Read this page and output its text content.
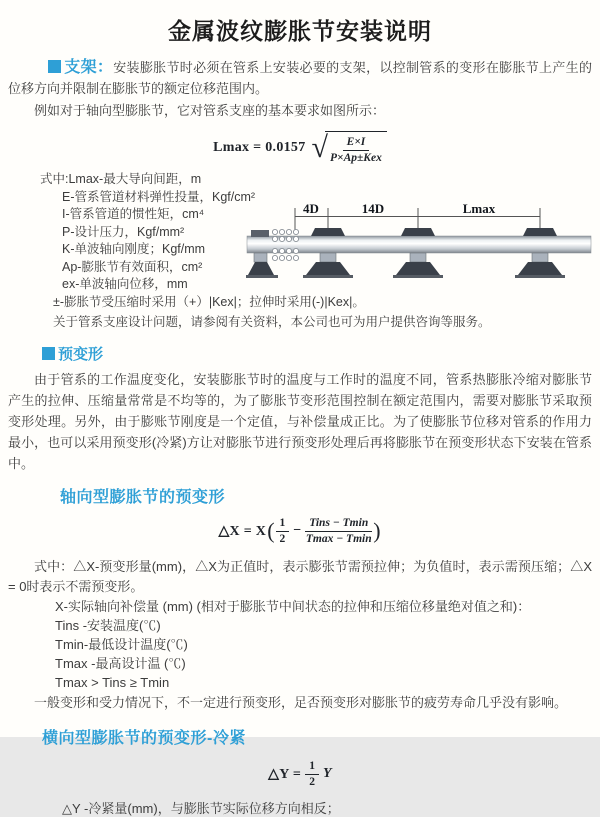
金属波纹膨胀节安装说明

支架：安装膨胀节时必须在管系上安装必要的支架，以控制管系的变形在膨胀节上产生的位移方向并限制在膨胀节的额定位移范围内。

例如对于轴向型膨胀节，它对管系支座的基本要求如图所示：

Lmax = 0.0157 √ $\frac{E\times I}{\text{P×Ap±Kex}}$
式中:Lmax-最大导向间距，m
E-管系管道材料弹性投量，Kgf/cm²
I-管系管道的惯性矩，cm⁴
P-设计压力，Kgf/mm²
K-单波轴向刚度；Kgf/mm
Ap-膨胀节有效面积，cm²
ex-单波轴向位移，mm
±-膨胀节受压缩时采用（+）|Kex|；拉伸时采用(-)|Kex|。
关于管系支座设计问题，请参阅有关资料，本公司也可为用户提供咨询等服务。
4D	14D	Lmax
预变形

由于管系的工作温度变化，安装膨胀节时的温度与工作时的温度不同，管系热膨胀冷缩对膨胀节产生的拉伸、压缩量常常是不均等的，为了膨胀节变形范围控制在额定范围内，需要对膨胀节采取预变形处理。另外，由于膨账节刚度是一个定值，与补偿量成正比。为了使膨胀节位移对管系的作用力最小，也可以采用预变形(冷紧)方让对膨胀节进行预变形处理后再将膨胀节在预变形状态下安装在管系中。

轴向型膨胀节的预变形
△X = X ( $\frac{1}{2} - \frac{\text{Tins − Tmin}}{Tmax - Tmin}$ )

式中：△X-预变形量(mm)，△X为正值时，表示膨张节需预拉伸；为负值时，表示需预压缩；△X = 0时表示不需预变形。

X-实际轴向补偿量 (mm) (相对于膨胀节中间状态的拉伸和压缩位移量绝对值之和)：
Tins -安装温度(℃)
Tmin-最低设计温度(℃)
Tmax -最高设计温 (℃)
Tmax > Tins ≥ Tmin

一般变形和受力情况下，不一定进行预变形，足否预变形对膨胀节的疲劳寿命几乎没有影响。

横向型膨胀节的预变形-冷紧
△Y = $\frac{1}{2}$ Y

△Y -冷紧量(mm)，与膨胀节实际位移方向相反；
